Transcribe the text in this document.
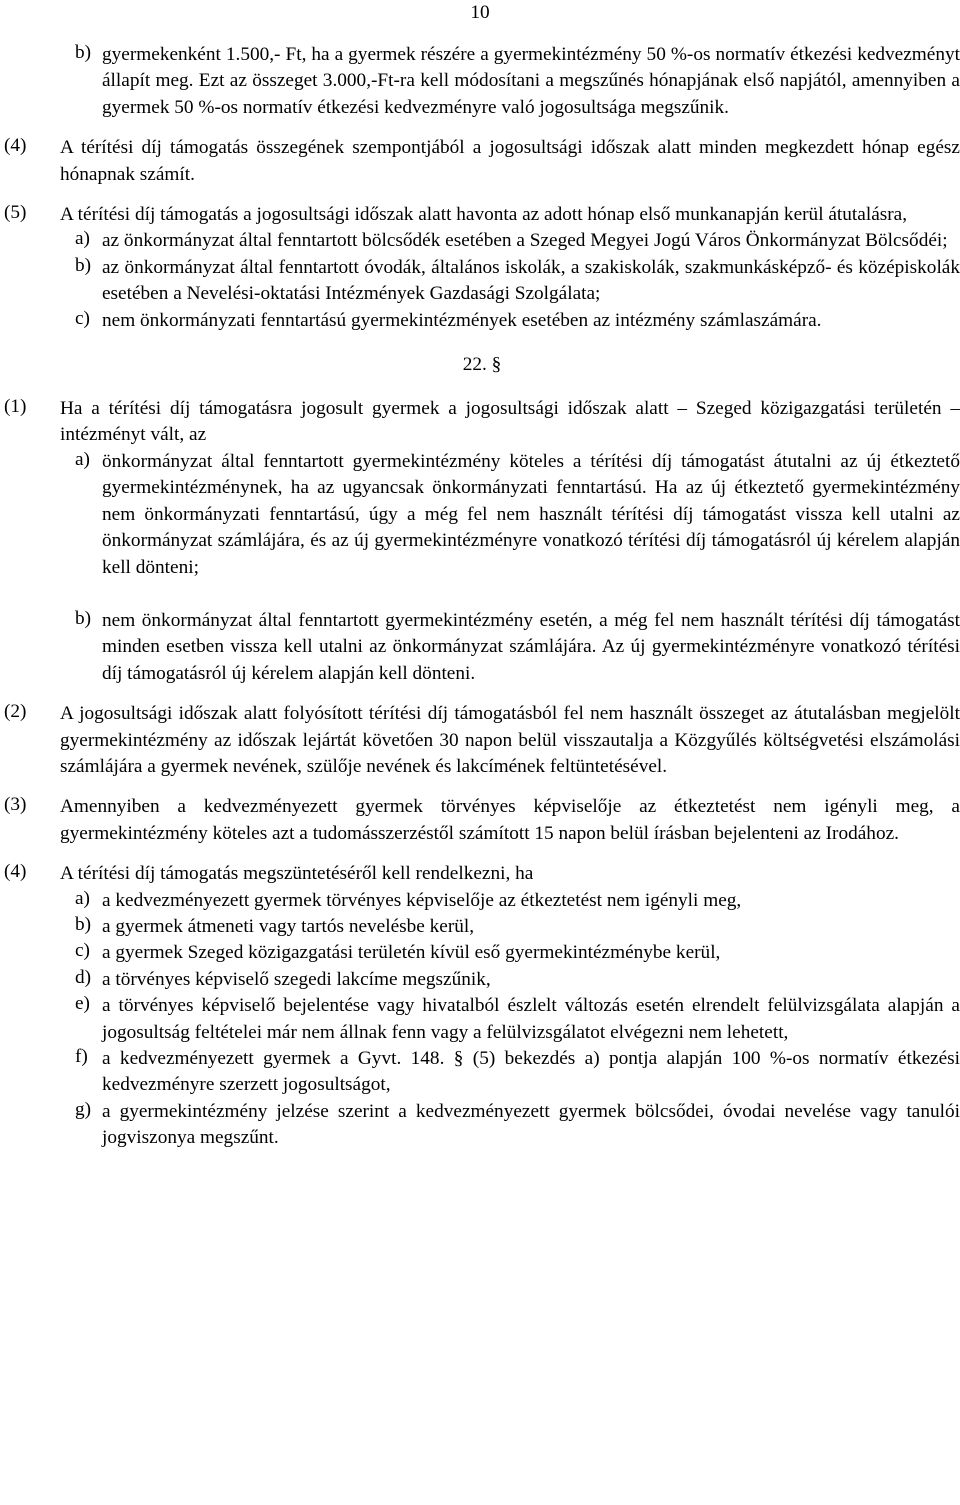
10
b) gyermekenként 1.500,- Ft, ha a gyermek részére a gyermekintézmény 50 %-os normatív étkezési kedvezményt állapít meg. Ezt az összeget 3.000,-Ft-ra kell módosítani a megszűnés hónapjának első napjától, amennyiben a gyermek 50 %-os normatív étkezési kedvezményre való jogosultsága megszűnik.

(4) A térítési díj támogatás összegének szempontjából a jogosultsági időszak alatt minden megkezdett hónap egész hónapnak számít.

(5) A térítési díj támogatás a jogosultsági időszak alatt havonta az adott hónap első munkanapján kerül átutalásra,

a) az önkormányzat által fenntartott bölcsődék esetében a Szeged Megyei Jogú Város Önkormányzat Bölcsődéi;

b) az önkormányzat által fenntartott óvodák, általános iskolák, a szakiskolák, szakmunkásképző- és középiskolák esetében a Nevelési-oktatási Intézmények Gazdasági Szolgálata;

c) nem önkormányzati fenntartású gyermekintézmények esetében az intézmény számlaszámára.

22. §

(1) Ha a térítési díj támogatásra jogosult gyermek a jogosultsági időszak alatt – Szeged közigazgatási területén – intézményt vált, az

a) önkormányzat által fenntartott gyermekintézmény köteles a térítési díj támogatást átutalni az új étkeztető gyermekintézménynek, ha az ugyancsak önkormányzati fenntartású. Ha az új étkeztető gyermekintézmény nem önkormányzati fenntartású, úgy a még fel nem használt térítési díj támogatást vissza kell utalni az önkormányzat számlájára, és az új gyermekintézményre vonatkozó térítési díj támogatásról új kérelem alapján kell dönteni;

b) nem önkormányzat által fenntartott gyermekintézmény esetén, a még fel nem használt térítési díj támogatást minden esetben vissza kell utalni az önkormányzat számlájára. Az új gyermekintézményre vonatkozó térítési díj támogatásról új kérelem alapján kell dönteni.

(2) A jogosultsági időszak alatt folyósított térítési díj támogatásból fel nem használt összeget az átutalásban megjelölt gyermekintézmény az időszak lejártát követően 30 napon belül visszautalja a Közgyűlés költségvetési elszámolási számlájára a gyermek nevének, szülője nevének és lakcímének feltüntetésével.

(3) Amennyiben a kedvezményezett gyermek törvényes képviselője az étkeztetést nem igényli meg, a gyermekintézmény köteles azt a tudomásszerzéstől számított 15 napon belül írásban bejelenteni az Irodához.

(4) A térítési díj támogatás megszüntetéséről kell rendelkezni, ha

a) a kedvezményezett gyermek törvényes képviselője az étkeztetést nem igényli meg,

b) a gyermek átmeneti vagy tartós nevelésbe kerül,

c) a gyermek Szeged közigazgatási területén kívül eső gyermekintézménybe kerül,

d) a törvényes képviselő szegedi lakcíme megszűnik,

e) a törvényes képviselő bejelentése vagy hivatalból észlelt változás esetén elrendelt felülvizsgálata alapján a jogosultság feltételei már nem állnak fenn vagy a felülvizsgálatot elvégezni nem lehetett,

f) a kedvezményezett gyermek a Gyvt. 148. § (5) bekezdés a) pontja alapján 100 %-os normatív étkezési kedvezményre szerzett jogosultságot,

g) a gyermekintézmény jelzése szerint a kedvezményezett gyermek bölcsődei, óvodai nevelése vagy tanulói jogviszonya megszűnt.
